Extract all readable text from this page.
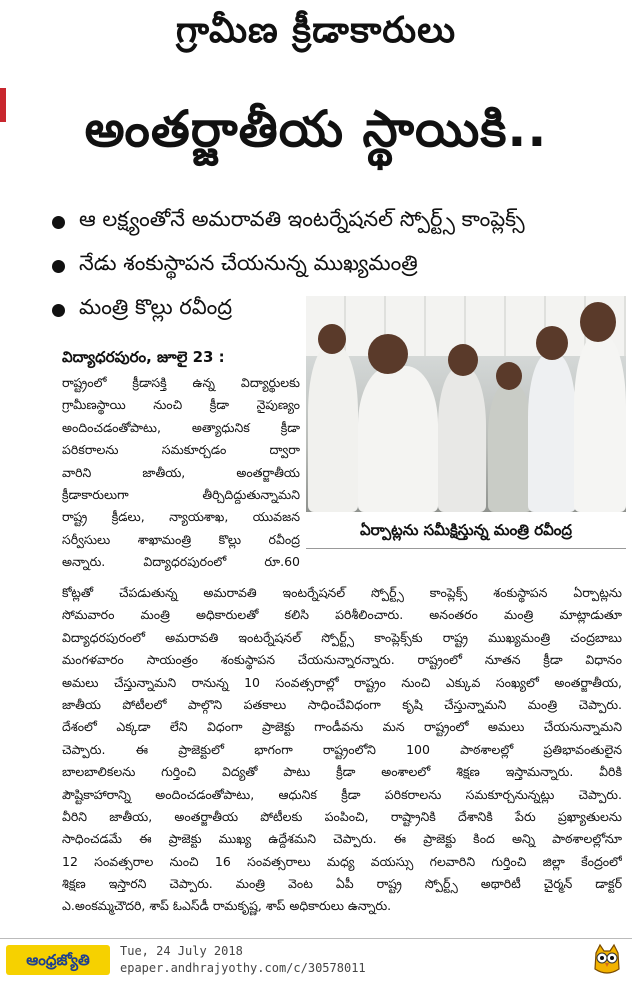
గ్రామీణ క్రీడాకారులు
అంతర్జాతీయ స్థాయికి..
ఆ లక్ష్యంతోనే అమరావతి ఇంటర్నేషనల్ స్పోర్ట్స్ కాంప్లెక్స్
నేడు శంకుస్థాపన చేయనున్న ముఖ్యమంత్రి
మంత్రి కొల్లు రవీంద్ర
ఏర్పాట్లను సమీక్షిస్తున్న మంత్రి రవీంద్ర
విద్యాధరపురం, జూలై 23 :
రాష్ట్రంలో క్రీడాసక్తి ఉన్న విద్యార్థులకు
గ్రామీణస్థాయి నుంచి క్రీడా నైపుణ్యం
అందించడంతోపాటు, అత్యాధునిక క్రీడా
పరికరాలను సమకూర్చడం ద్వారా
వారిని జాతీయ, అంతర్జాతీయ
క్రీడాకారులుగా తీర్చిదిద్దుతున్నామని
రాష్ట్ర క్రీడలు, న్యాయశాఖ, యువజన
సర్వీసులు శాఖామంత్రి కొల్లు రవీంద్ర
అన్నారు. విద్యాధరపురంలో రూ.60
కోట్లతో చేపడుతున్న అమరావతి ఇంటర్నేషనల్ స్పోర్ట్స్ కాంప్లెక్స్ శంకుస్థాపన ఏర్పాట్లను
సోమవారం మంత్రి అధికారులతో కలిసి పరిశీలించారు. అనంతరం మంత్రి మాట్లాడుతూ
విద్యాధరపురంలో అమరావతి ఇంటర్నేషనల్ స్పోర్ట్స్ కాంప్లెక్స్‌కు రాష్ట్ర ముఖ్యమంత్రి చంద్రబాబు
మంగళవారం సాయంత్రం శంకుస్థాపన చేయనున్నారన్నారు. రాష్ట్రంలో నూతన క్రీడా విధానం
అమలు చేస్తున్నామని రానున్న 10 సంవత్సరాల్లో రాష్ట్రం నుంచి ఎక్కువ సంఖ్యలో అంతర్జాతీయ,
జాతీయ పోటీలలో పాల్గొని పతకాలు సాధించేవిధంగా కృషి చేస్తున్నామని మంత్రి చెప్పారు.
దేశంలో ఎక్కడా లేని విధంగా ప్రాజెక్టు గాండీవను మన రాష్ట్రంలో అమలు చేయనున్నామని
చెప్పారు. ఈ ప్రాజెక్టులో భాగంగా రాష్ట్రంలోని 100 పాఠశాలల్లో ప్రతిభావంతులైన
బాలబాలికలను గుర్తించి విద్యతో పాటు క్రీడా అంశాలలో శిక్షణ ఇస్తామన్నారు. వీరికి
పౌష్టికాహారాన్ని అందించడంతోపాటు, ఆధునిక క్రీడా పరికరాలను సమకూర్చనున్నట్లు చెప్పారు.
వీరిని జాతీయ, అంతర్జాతీయ పోటీలకు పంపించి, రాష్ట్రానికి దేశానికి పేరు ప్రఖ్యాతులను
సాధించడమే ఈ ప్రాజెక్టు ముఖ్య ఉద్దేశమని చెప్పారు. ఈ ప్రాజెక్టు కింద అన్ని పాఠశాలల్లోనూ
12 సంవత్సరాల నుంచి 16 సంవత్సరాలు మధ్య వయస్సు గలవారిని గుర్తించి జిల్లా కేంద్రంలో
శిక్షణ ఇస్తారని చెప్పారు. మంత్రి వెంట ఏపీ రాష్ట్ర స్పోర్ట్స్ అథారిటీ చైర్మన్ డాక్టర్
ఎ.అంకమ్మచౌదరి, శాప్ ఓఎస్‌డీ రామకృష్ణ, శాప్ అధికారులు ఉన్నారు.
ఆంధ్రజ్యోతి	Tue, 24 July 2018
epaper.andhrajyothy.com/c/30578011
